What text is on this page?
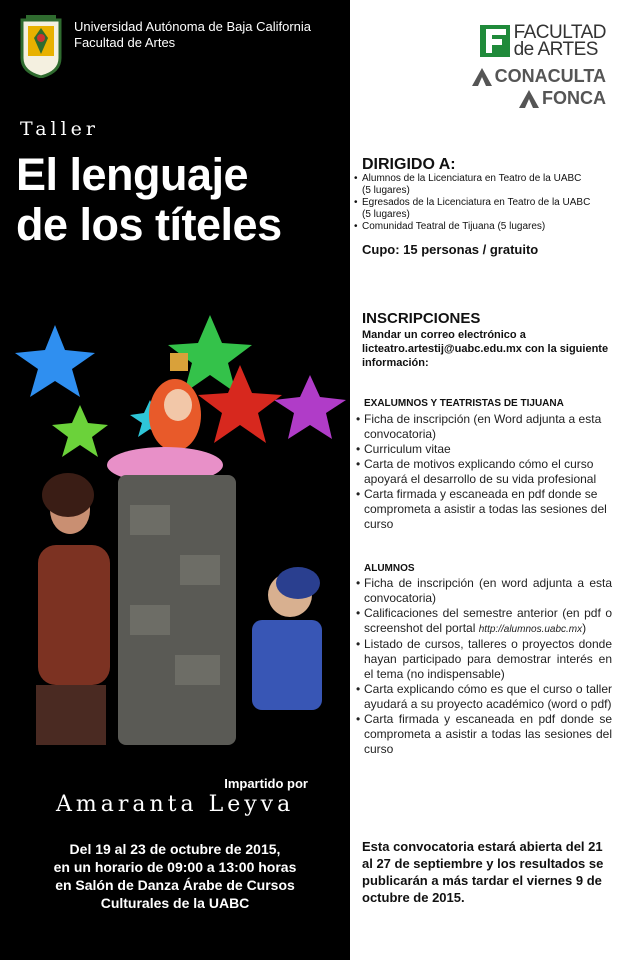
Universidad Autónoma de Baja California
Facultad de Artes
Taller
El lenguaje
de los títeles
Impartido por
Amaranta Leyva
Del 19 al 23 de octubre de 2015,
en un horario de 09:00 a 13:00 horas
en Salón de Danza Árabe de Cursos
Culturales de la UABC
FACULTAD
de ARTES
CONACULTA
FONCA
DIRIGIDO A:
• Alumnos de la Licenciatura en Teatro de la UABC
(5 lugares)
• Egresados de la Licenciatura en Teatro de la UABC
(5 lugares)
• Comunidad Teatral de Tijuana (5 lugares)
Cupo: 15 personas / gratuito
INSCRIPCIONES
Mandar un correo electrónico a
licteatro.artestij@uabc.edu.mx con la siguiente
información:
EXALUMNOS Y TEATRISTAS DE TIJUANA
• Ficha de inscripción (en Word adjunta a esta convocatoria)
• Curriculum vitae
• Carta de motivos explicando cómo el curso apoyará el desarrollo de su vida profesional
• Carta firmada y escaneada en pdf donde se comprometa a asistir a todas las sesiones del curso
ALUMNOS
• Ficha de inscripción (en word adjunta a esta convocatoria)
• Calificaciones del semestre anterior (en pdf o screenshot del portal http://alumnos.uabc.mx)
• Listado de cursos, talleres o proyectos donde hayan participado para demostrar interés en el tema (no indispensable)
• Carta explicando cómo es que el curso o taller ayudará a su proyecto académico (word o pdf)
• Carta firmada y escaneada en pdf donde se comprometa a asistir a todas las sesiones del curso
Esta convocatoria estará abierta del 21 al 27 de septiembre y los resultados se publicarán a más tardar el viernes 9 de octubre de 2015.
